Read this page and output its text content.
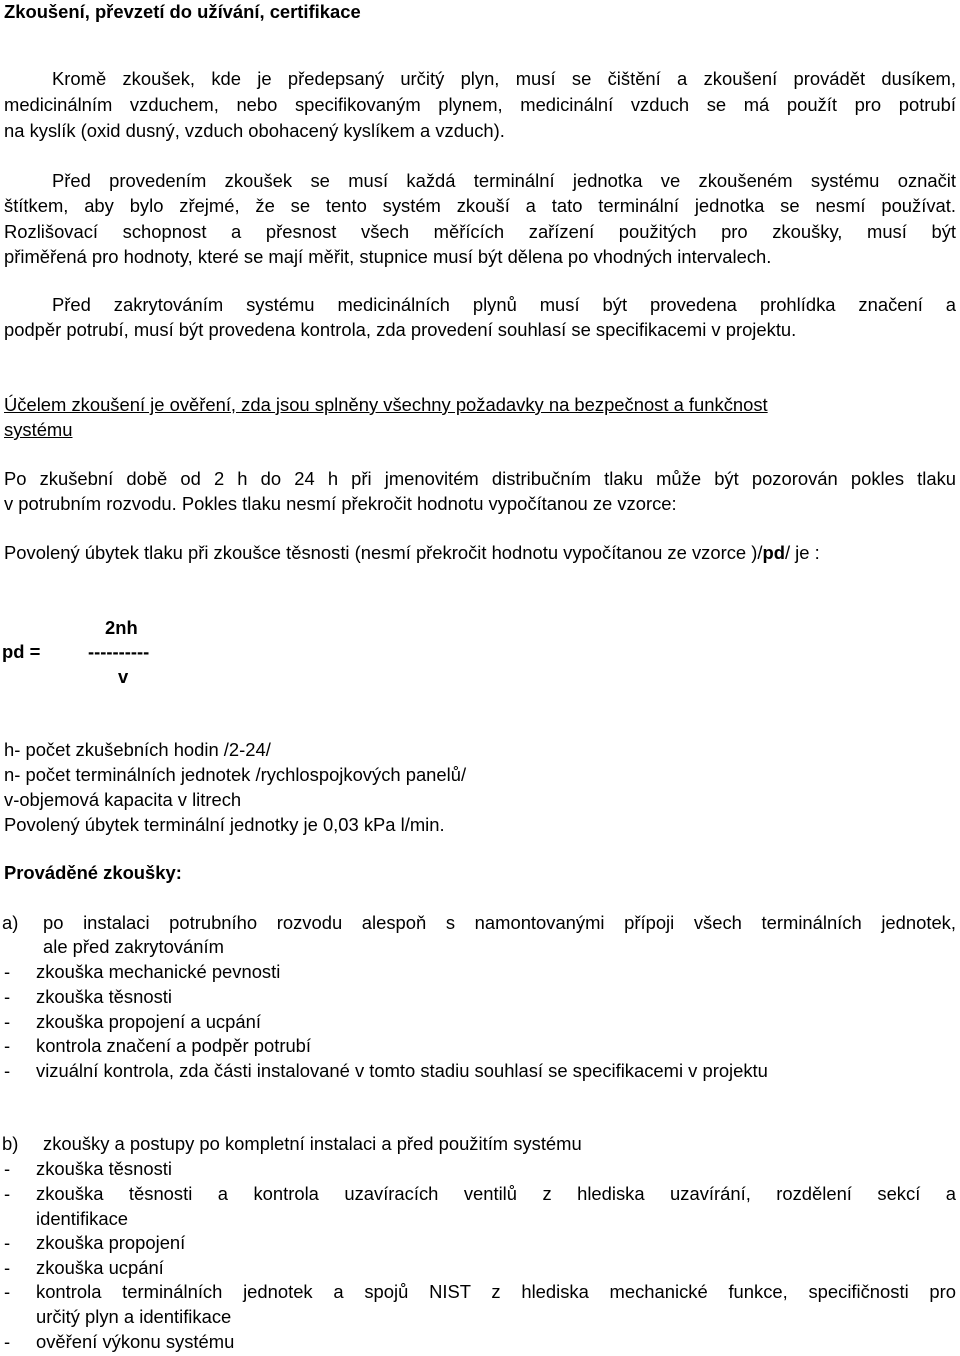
Zkoušení, převzetí do užívání, certifikace
Kromě zkoušek, kde je předepsaný určitý plyn, musí se čištění a zkoušení provádět dusíkem,
medicinálním vzduchem, nebo specifikovaným plynem, medicinální vzduch se má použít pro potrubí
na kyslík (oxid dusný, vzduch obohacený kyslíkem a vzduch).
Před provedením zkoušek se musí každá terminální jednotka ve zkoušeném systému označit
štítkem, aby bylo zřejmé, že se tento systém zkouší a tato terminální jednotka se nesmí používat.
Rozlišovací schopnost a přesnost všech měřících zařízení použitých pro zkoušky, musí být
přiměřená pro hodnoty, které se mají měřit, stupnice musí být dělena po vhodných intervalech.
Před zakrytováním systému medicinálních plynů musí být provedena prohlídka značení a
podpěr potrubí, musí být provedena kontrola, zda provedení souhlasí se specifikacemi v projektu.
Účelem zkoušení je ověření, zda jsou splněny všechny požadavky na bezpečnost a funkčnost
systému
Po zkušební době od 2 h do 24 h při jmenovitém distribučním tlaku může být pozorován pokles tlaku
v potrubním rozvodu. Pokles tlaku nesmí překročit hodnotu vypočítanou ze vzorce:
Povolený úbytek tlaku při zkoušce těsnosti (nesmí překročit hodnotu vypočítanou ze vzorce )/pd/ je :
2nh
pd =	----------
v
h- počet zkušebních hodin /2-24/
n- počet terminálních jednotek /rychlospojkových panelů/
v-objemová kapacita v litrech
Povolený úbytek terminální jednotky je 0,03 kPa l/min.
Prováděné zkoušky:
a) po instalaci potrubního rozvodu alespoň s namontovanými přípoji všech terminálních jednotek,
ale před zakrytováním
- zkouška mechanické pevnosti
- zkouška těsnosti
- zkouška propojení a ucpání
- kontrola značení a podpěr potrubí
- vizuální kontrola, zda části instalované v tomto stadiu souhlasí se specifikacemi v projektu
b) zkoušky a postupy po kompletní instalaci a před použitím systému
- zkouška těsnosti
- zkouška těsnosti a kontrola uzavíracích ventilů z hlediska uzavírání, rozdělení sekcí a
identifikace
- zkouška propojení
- zkouška ucpání
- kontrola terminálních jednotek a spojů NIST z hlediska mechanické funkce, specifičnosti pro
určitý plyn a identifikace
- ověření výkonu systému
